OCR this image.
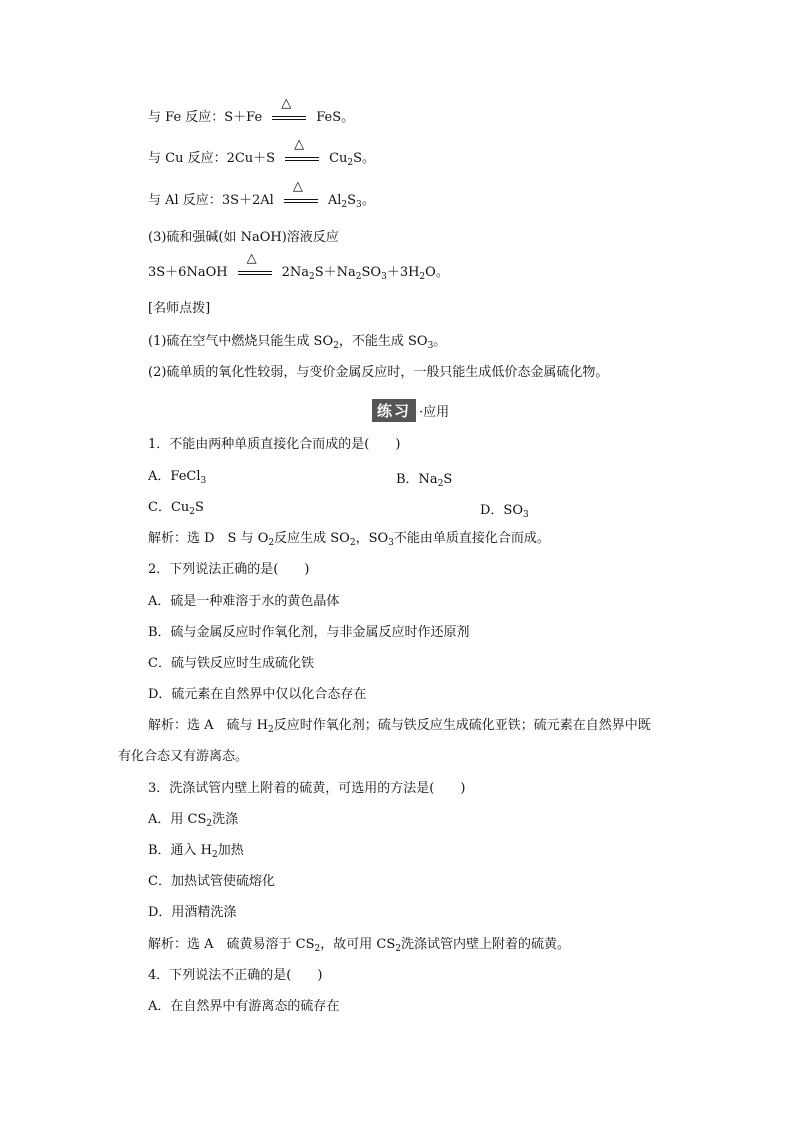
与 Fe 反应：S＋Fe
△
FeS。
与 Cu 反应：2Cu＋S
△
$Cu_2S$。
与 Al 反应：3S＋2Al
△
$Al_2S_3$。
(3)硫和强碱(如 NaOH)溶液反应
3S＋6NaOH
△
$2Na_2S+Na_2SO_3+3H_2O$。
[名师点拨]
(1)硫在空气中燃烧只能生成 $SO_2$，不能生成 $SO_3$。
(2)硫单质的氧化性较弱，与变价金属反应时，一般只能生成低价态金属硫化物。
练习 ·应用
1．不能由两种单质直接化合而成的是(　　)
A．FeCl$_3$	B．$Na_2S$
C．$Cu_2S$	D．$SO_3$
解析：选 D　S 与 $O_2$反应生成 $SO_2$，$SO_3$不能由单质直接化合而成。
2．下列说法正确的是(　　)
A．硫是一种难溶于水的黄色晶体
B．硫与金属反应时作氧化剂，与非金属反应时作还原剂
C．硫与铁反应时生成硫化铁
D．硫元素在自然界中仅以化合态存在
解析：选 A　硫与 $H_2$反应时作氧化剂；硫与铁反应生成硫化亚铁；硫元素在自然界中既
有化合态又有游离态。
3．洗涤试管内壁上附着的硫黄，可选用的方法是(　　)
A．用 $CS_2$洗涤
B．通入 $H_2$加热
C．加热试管使硫熔化
D．用酒精洗涤
解析：选 A　硫黄易溶于 $CS_2$，故可用 $CS_2$洗涤试管内壁上附着的硫黄。
4．下列说法不正确的是(　　)
A．在自然界中有游离态的硫存在
